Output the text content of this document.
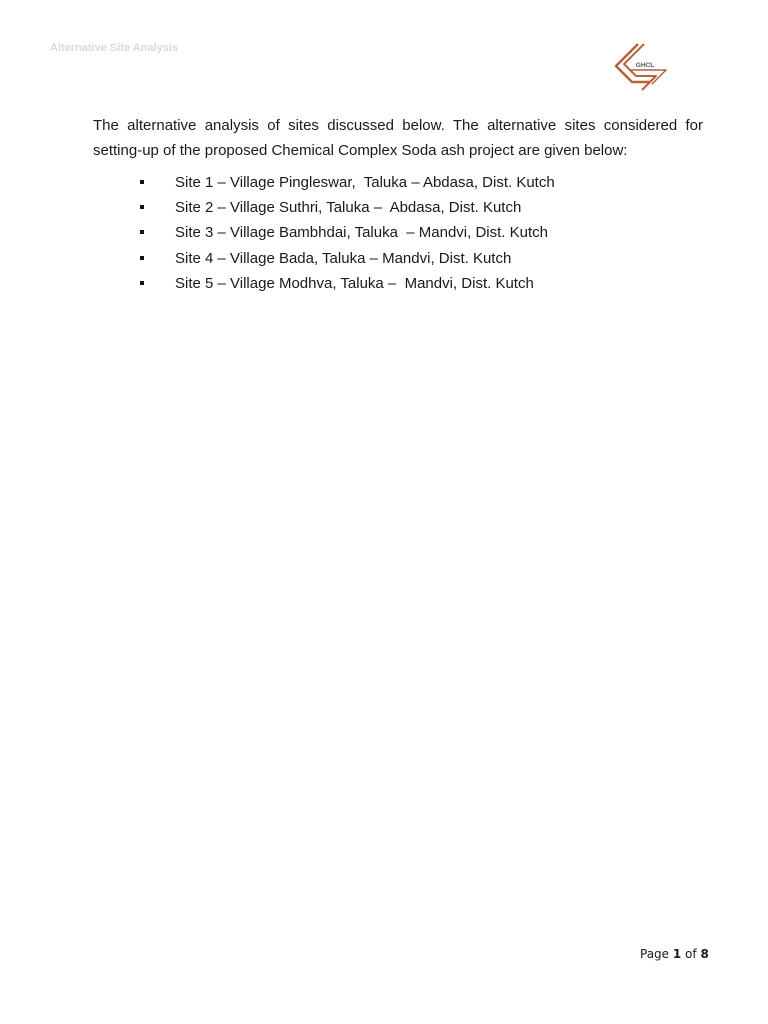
Alternative Site Analysis
GHCL

The alternative analysis of sites discussed below. The alternative sites considered for setting-up of the proposed Chemical Complex Soda ash project are given below:

Site 1 – Village Pingleswar,  Taluka – Abdasa, Dist. Kutch

Site 2 – Village Suthri, Taluka –  Abdasa, Dist. Kutch

Site 3 – Village Bambhdai, Taluka  – Mandvi, Dist. Kutch

Site 4 – Village Bada, Taluka – Mandvi, Dist. Kutch

Site 5 – Village Modhva, Taluka –  Mandvi, Dist. Kutch

Page 1 of 8
